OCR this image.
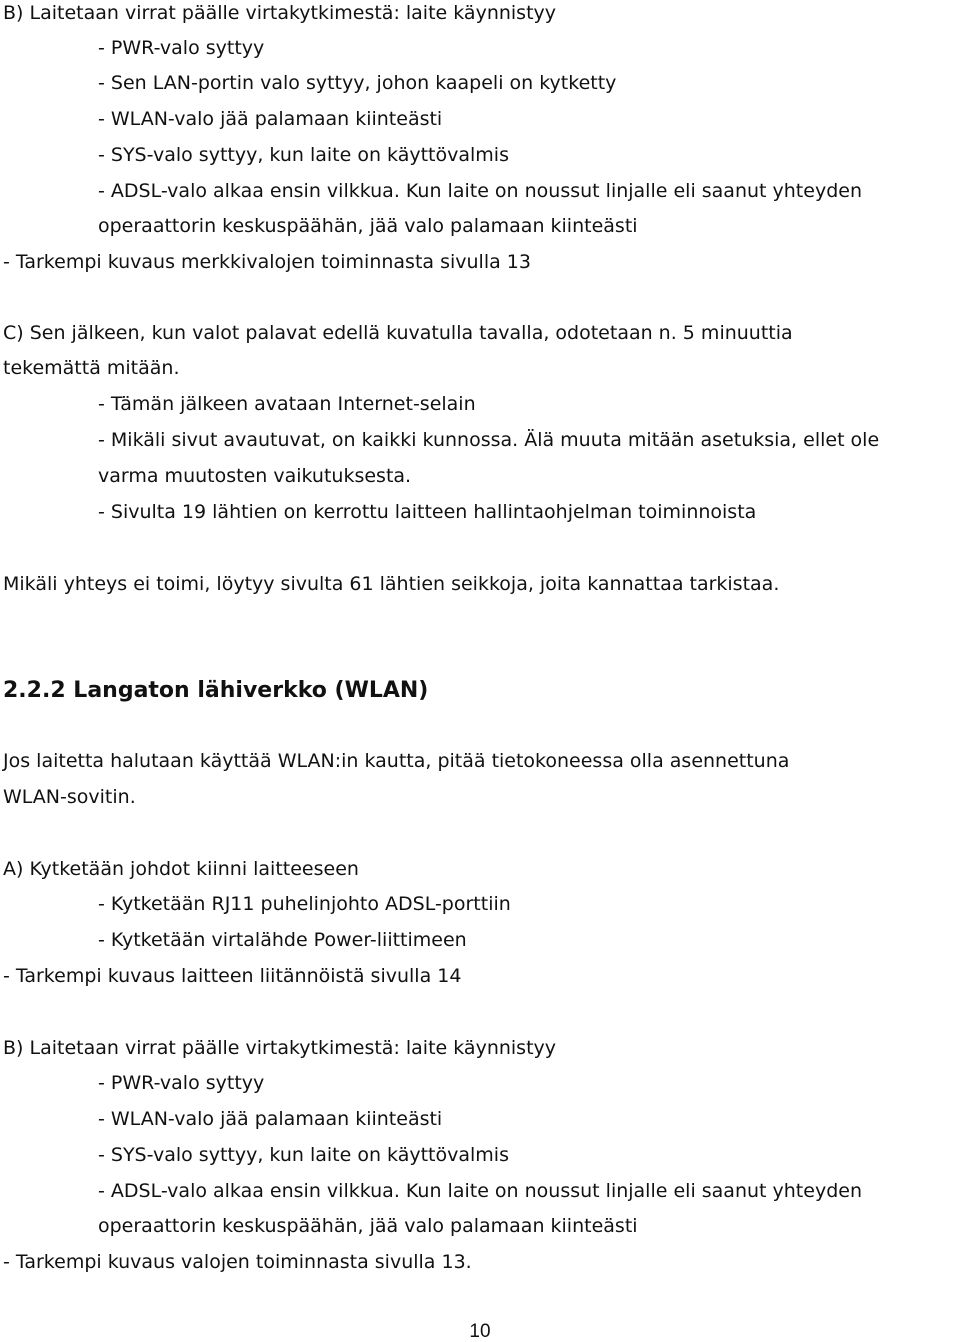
B) Laitetaan virrat päälle virtakytkimestä: laite käynnistyy

- PWR-valo syttyy

- Sen LAN-portin valo syttyy, johon kaapeli on kytketty

- WLAN-valo jää palamaan kiinteästi

- SYS-valo syttyy, kun laite on käyttövalmis

- ADSL-valo alkaa ensin vilkkua. Kun laite on noussut linjalle eli saanut yhteyden

operaattorin keskuspäähän, jää valo palamaan kiinteästi

- Tarkempi kuvaus merkkivalojen toiminnasta sivulla 13

C) Sen jälkeen, kun valot palavat edellä kuvatulla tavalla, odotetaan n. 5 minuuttia

tekemättä mitään.

- Tämän jälkeen avataan Internet-selain

- Mikäli sivut avautuvat, on kaikki kunnossa. Älä muuta mitään asetuksia, ellet ole

varma muutosten vaikutuksesta.

- Sivulta 19 lähtien on kerrottu laitteen hallintaohjelman toiminnoista

Mikäli yhteys ei toimi, löytyy sivulta 61 lähtien seikkoja, joita kannattaa tarkistaa.

2.2.2 Langaton lähiverkko (WLAN)

Jos laitetta halutaan käyttää WLAN:in kautta, pitää tietokoneessa olla asennettuna

WLAN-sovitin.

A) Kytketään johdot kiinni laitteeseen

- Kytketään RJ11 puhelinjohto ADSL-porttiin

- Kytketään virtalähde Power-liittimeen

- Tarkempi kuvaus laitteen liitännöistä sivulla 14

B) Laitetaan virrat päälle virtakytkimestä: laite käynnistyy

- PWR-valo syttyy

- WLAN-valo jää palamaan kiinteästi

- SYS-valo syttyy, kun laite on käyttövalmis

- ADSL-valo alkaa ensin vilkkua. Kun laite on noussut linjalle eli saanut yhteyden

operaattorin keskuspäähän, jää valo palamaan kiinteästi

- Tarkempi kuvaus valojen toiminnasta sivulla 13.

10
